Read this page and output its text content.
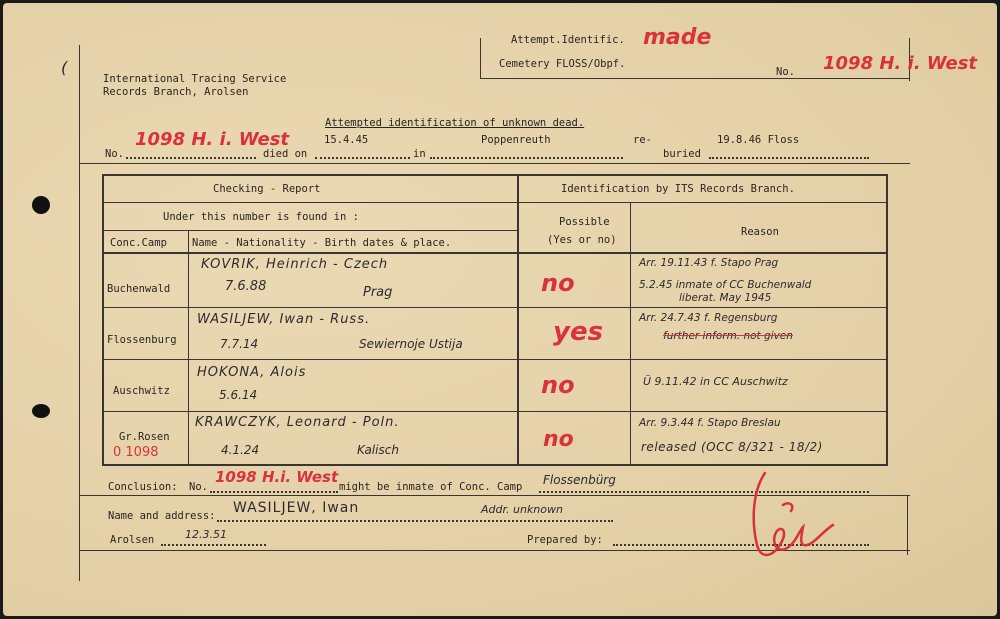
(
International Tracing Service
Records Branch, Arolsen
Attempt.Identific. made
Cemetery FLOSS/Obpf.
No. 1098 H. i. West
Attempted identification of unknown dead.
No.
1098 H. i. West
died on
15.4.45
in
Poppenreuth	re-
buried
19.8.46 Floss
Checking - Report
Under this number is found in :
Conc.Camp Name - Nationality - Birth dates & place.
Identification by ITS Records Branch.
Possible
(Yes or no)
Reason
Buchenwald
KOVRIK, Heinrich - Czech
7.6.88	Prag	no
Arr. 19.11.43 f. Stapo Prag
5.2.45 inmate of CC Buchenwald
liberat. May 1945
Flossenburg
WASILJEW, Iwan - Russ.
7.7.14	Sewiernoje Ustija	yes	Arr. 24.7.43 f. Regensburg
further inform. not given
Auschwitz
HOKONA, Alois
5.6.14	no	Ü 9.11.42 in CC Auschwitz
Gr.Rosen
0 1098
KRAWCZYK, Leonard - Poln.
4.1.24	Kalisch	no
Arr. 9.3.44 f. Stapo Breslau
released (OCC 8/321 - 18/2)
Conclusion: No.
1098 H.i. West
might be inmate of Conc. Camp Flossenbürg
Name and address: WASILJEW, Iwan	Addr. unknown
Arolsen	12.3.51	Prepared by:
